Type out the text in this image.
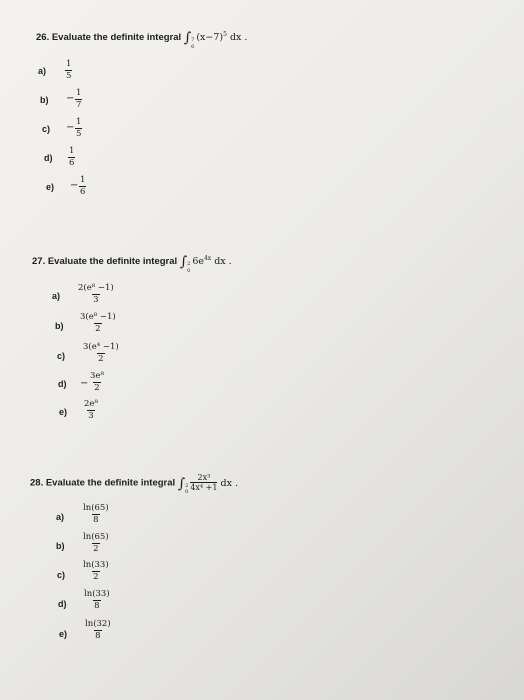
26. Evaluate the definite integral ∫ 7
6
$(x-7)^5$ dx .
$a) \frac{1}{5}$
$b) - \frac{1}{7}$
$c) - \frac{1}{5}$
$d) \frac{1}{6}$
$e) - \frac{1}{6}$
27. Evaluate the definite integral ∫ 2
0
$6e^{4x}$ dx .
$a) \frac{\text{2(e⁸ −1)}}{3}$
$b) \frac{\text{3(e⁸ −1)}}{2}$
$c) \frac{\text{3(e⁴ −1)}}{2}$
$d) - \frac{\text{3e⁸}}{2}$
$e) \frac{\text{2e⁸}}{3}$
28. Evaluate the definite integral ∫ 2
$0 \frac{\text{2x³}}{\text{4x⁴ +1}}$ dx .
$a) \frac{\ln(65)}{8}$
$b) \frac{\ln(65)}{2}$
$c) \frac{\ln(33)}{2}$
$d) \frac{\ln(33)}{8}$
$e) \frac{\ln(32)}{8}$
